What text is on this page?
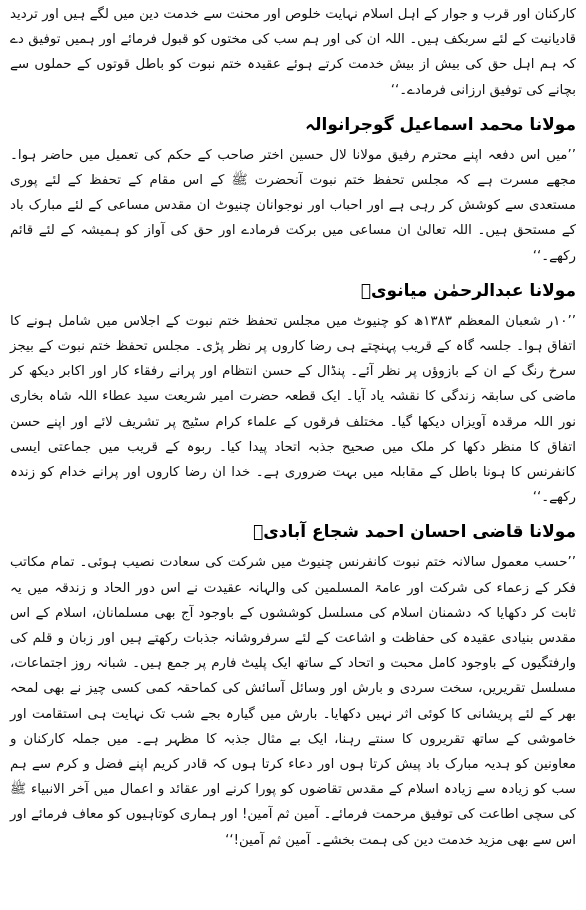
کارکنان اور قرب و جوار کے اہل اسلام نہایت خلوص اور محنت سے خدمت دین میں لگے ہیں اور تردید قادیانیت کے لئے سربکف ہیں۔ اللہ ان کی اور ہم سب کی مختوں کو قبول فرمائے اور ہمیں توفیق دے کہ ہم اہل حق کی بیش از بیش خدمت کرتے ہوئے عقیدہ ختم نبوت کو باطل قوتوں کے حملوں سے بچانے کی توفیق ارزانی فرمادے۔‘‘

مولانا محمد اسماعیل گوجرانوالہ

’’میں اس دفعہ اپنے محترم رفیق مولانا لال حسین اختر صاحب کے حکم کی تعمیل میں حاضر ہوا۔ مجھے مسرت ہے کہ مجلس تحفظ ختم نبوت آنحضرت ﷺ کے اس مقام کے تحفظ کے لئے پوری مستعدی سے کوشش کر رہی ہے اور احباب اور نوجوانان چنیوٹ ان مقدس مساعی کے لئے مبارک باد کے مستحق ہیں۔ اللہ تعالیٰ ان مساعی میں برکت فرمادے اور حق کی آواز کو ہمیشہ کے لئے قائم رکھے۔‘‘

مولانا عبدالرحمٰن میانویؒ

’’۱۰ر شعبان المعظم ۱۳۸۳ھ کو چنیوٹ میں مجلس تحفظ ختم نبوت کے اجلاس میں شامل ہونے کا اتفاق ہوا۔ جلسہ گاہ کے قریب پہنچتے ہی رضا کاروں پر نظر پڑی۔ مجلس تحفظ ختم نبوت کے بیجز سرخ رنگ کے ان کے بازوؤں پر نظر آئے۔ پنڈال کے حسن انتظام اور پرانے رفقاء کار اور اکابر دیکھ کر ماضی کی سابقہ زندگی کا نقشہ یاد آیا۔ ایک قطعہ حضرت امیر شریعت سید عطاء اللہ شاہ بخاری نور اللہ مرقدہ آویزاں دیکھا گیا۔ مختلف فرقوں کے علماء کرام سٹیج پر تشریف لائے اور اپنے حسن اتفاق کا منظر دکھا کر ملک میں صحیح جذبہ اتحاد پیدا کیا۔ ربوہ کے قریب میں جماعتی ایسی کانفرنس کا ہونا باطل کے مقابلہ میں بہت ضروری ہے۔ خدا ان رضا کاروں اور پرانے خدام کو زندہ رکھے۔‘‘

مولانا قاضی احسان احمد شجاع آبادیؒ

’’حسب معمول سالانہ ختم نبوت کانفرنس چنیوٹ میں شرکت کی سعادت نصیب ہوئی۔ تمام مکاتب فکر کے زعماء کی شرکت اور عامۃ المسلمین کی والہانہ عقیدت نے اس دور الحاد و زندقہ میں یہ ثابت کر دکھایا کہ دشمنان اسلام کی مسلسل کوششوں کے باوجود آج بھی مسلمانان، اسلام کے اس مقدس بنیادی عقیدہ کی حفاظت و اشاعت کے لئے سرفروشانہ جذبات رکھتے ہیں اور زبان و قلم کی وارفتگیوں کے باوجود کامل محبت و اتحاد کے ساتھ ایک پلیٹ فارم پر جمع ہیں۔ شبانہ روز اجتماعات، مسلسل تقریریں، سخت سردی و بارش اور وسائل آسائش کی کماحقہ کمی کسی چیز نے بھی لمحہ بھر کے لئے پریشانی کا کوئی اثر نہیں دکھایا۔ بارش میں گیارہ بجے شب تک نہایت ہی استقامت اور خاموشی کے ساتھ تقریروں کا سنتے رہنا، ایک بے مثال جذبہ کا مظہر ہے۔ میں جملہ کارکنان و معاونین کو ہدیہ مبارک باد پیش کرتا ہوں اور دعاء کرتا ہوں کہ قادر کریم اپنے فضل و کرم سے ہم سب کو زیادہ سے زیادہ اسلام کے مقدس تقاضوں کو پورا کرنے اور عقائد و اعمال میں آخر الانبیاء ﷺ کی سچی اطاعت کی توفیق مرحمت فرمائے۔ آمین ثم آمین! اور ہماری کوتاہیوں کو معاف فرمائے اور اس سے بھی مزید خدمت دین کی ہمت بخشے۔ آمین ثم آمین!‘‘
